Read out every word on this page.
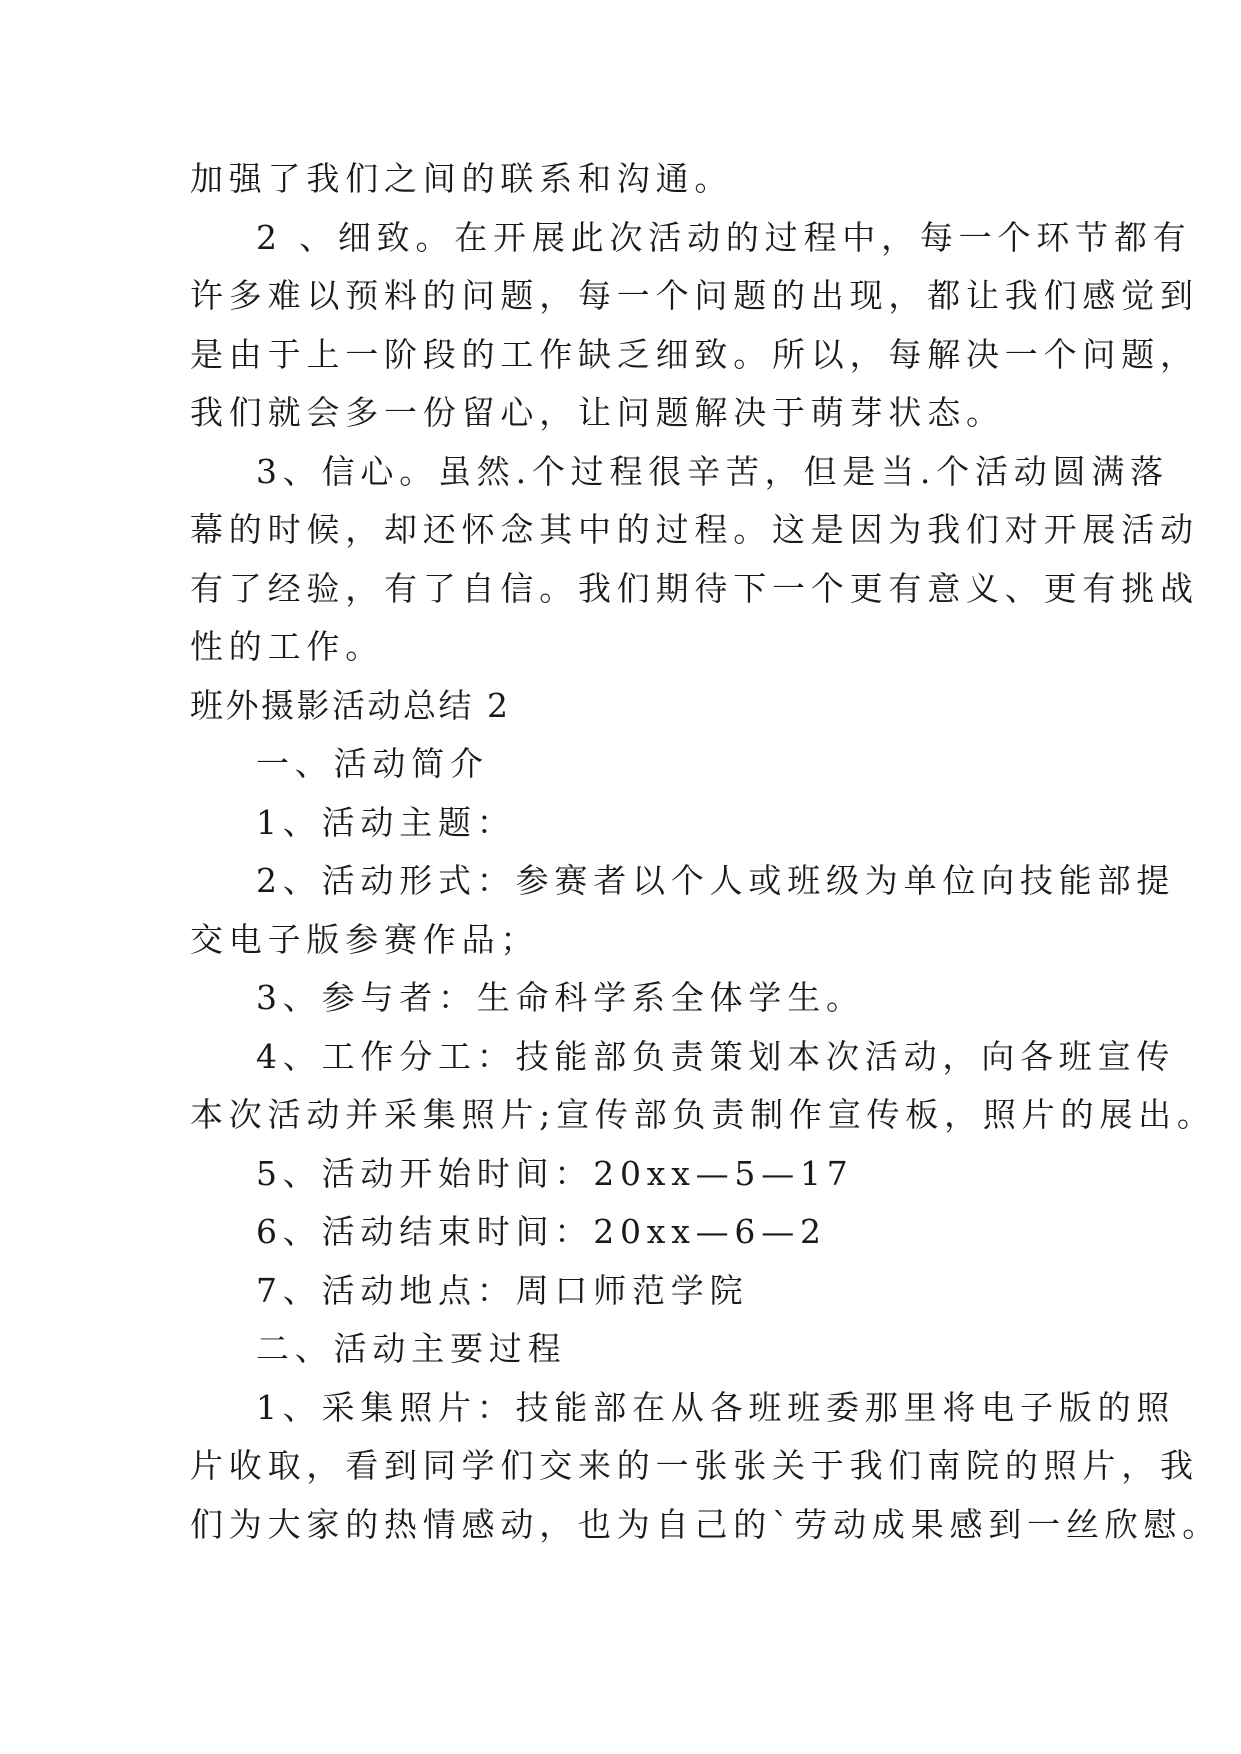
加强了我们之间的联系和沟通。

2 、细致。在开展此次活动的过程中，每一个环节都有

许多难以预料的问题，每一个问题的出现，都让我们感觉到

是由于上一阶段的工作缺乏细致。所以，每解决一个问题，

我们就会多一份留心，让问题解决于萌芽状态。

3、信心。虽然.个过程很辛苦，但是当.个活动圆满落

幕的时候，却还怀念其中的过程。这是因为我们对开展活动

有了经验，有了自信。我们期待下一个更有意义、更有挑战

性的工作。

班外摄影活动总结 2

一、活动简介

1、活动主题：

2、活动形式：参赛者以个人或班级为单位向技能部提

交电子版参赛作品；

3、参与者：生命科学系全体学生。

4、工作分工：技能部负责策划本次活动，向各班宣传

本次活动并采集照片;宣传部负责制作宣传板，照片的展出。

5、活动开始时间：20xx—5—17

6、活动结束时间：20xx—6—2

7、活动地点：周口师范学院

二、活动主要过程

1、采集照片：技能部在从各班班委那里将电子版的照

片收取，看到同学们交来的一张张关于我们南院的照片，我

们为大家的热情感动，也为自己的`劳动成果感到一丝欣慰。
